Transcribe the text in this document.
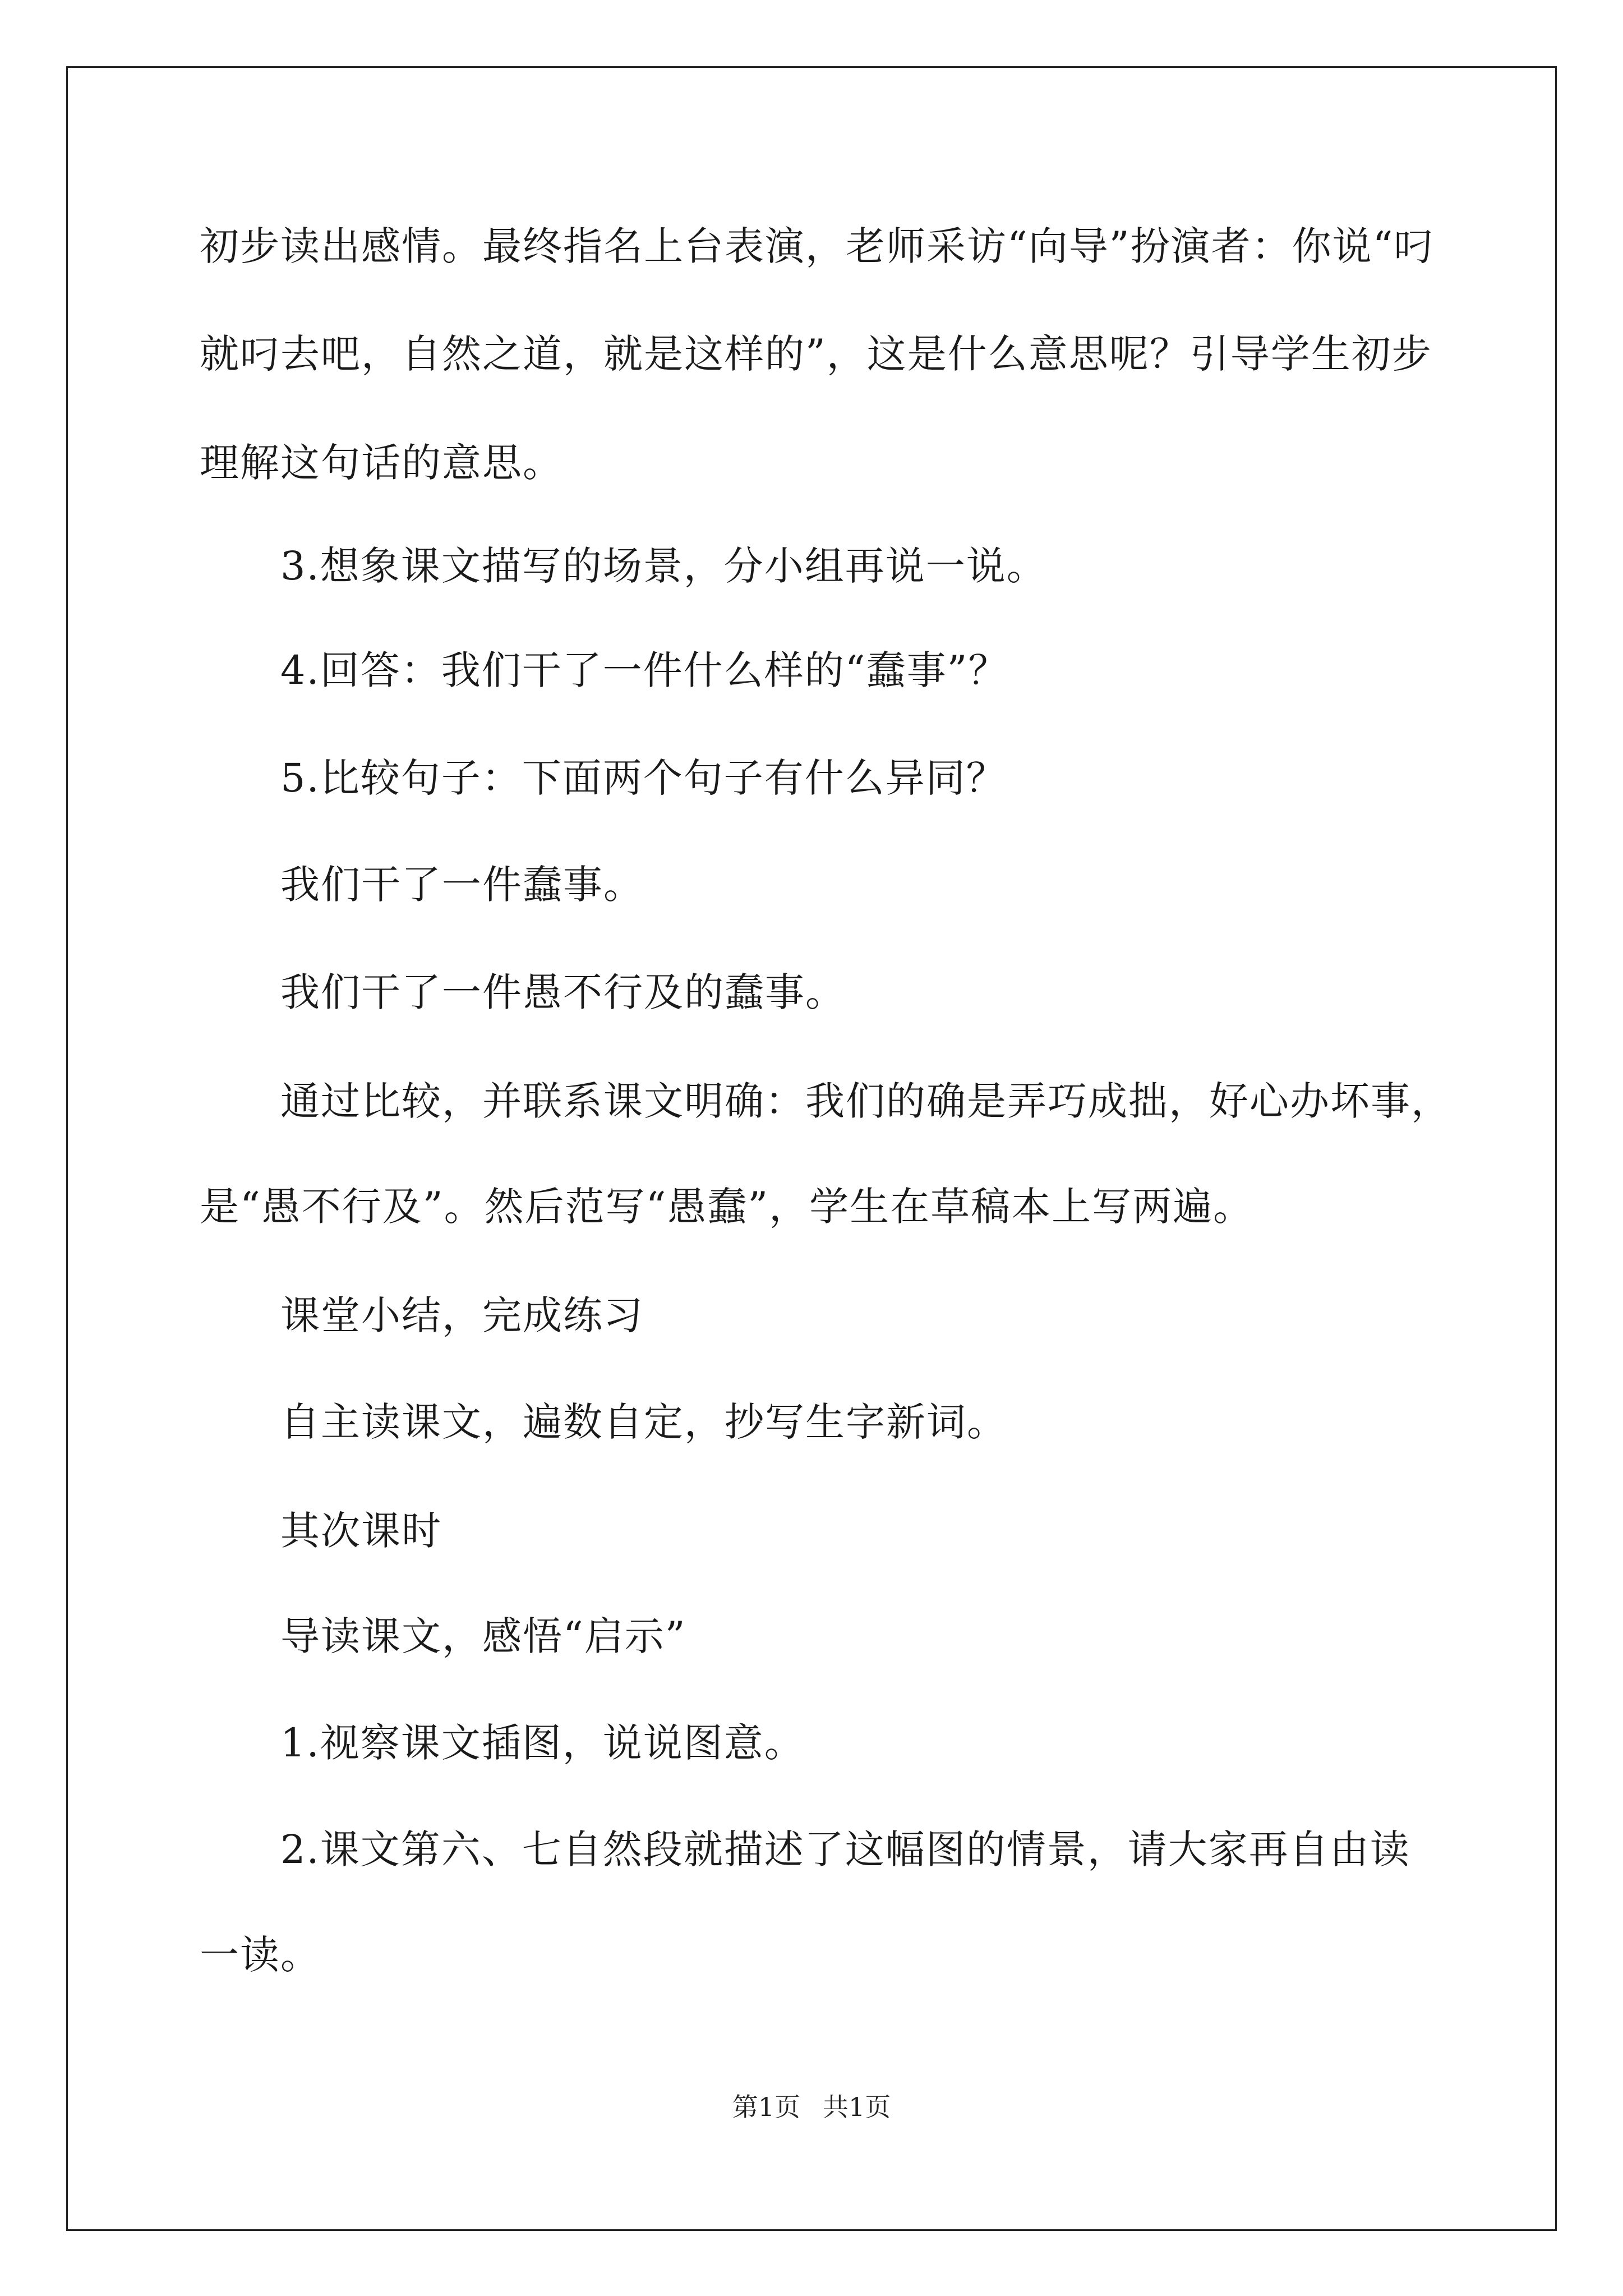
初步读出感情。最终指名上台表演，老师采访“向导”扮演者：你说“叼
就叼去吧，自然之道，就是这样的”，这是什么意思呢？引导学生初步
理解这句话的意思。
3.想象课文描写的场景，分小组再说一说。
4.回答：我们干了一件什么样的“蠢事”？
5.比较句子：下面两个句子有什么异同？
我们干了一件蠢事。
我们干了一件愚不行及的蠢事。
通过比较，并联系课文明确：我们的确是弄巧成拙，好心办坏事，
是“愚不行及”。然后范写“愚蠢”，学生在草稿本上写两遍。
课堂小结，完成练习
自主读课文，遍数自定，抄写生字新词。
其次课时
导读课文，感悟“启示”
1.视察课文插图，说说图意。
2.课文第六、七自然段就描述了这幅图的情景，请大家再自由读
一读。
第1页 共1页
